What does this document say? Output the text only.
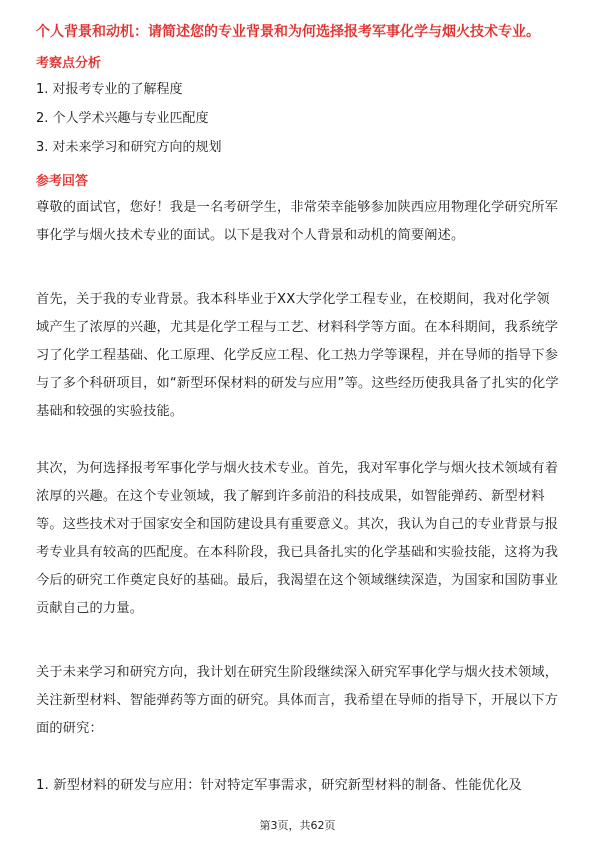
个人背景和动机：请简述您的专业背景和为何选择报考军事化学与烟火技术专业。
考察点分析
1. 对报考专业的了解程度
2. 个人学术兴趣与专业匹配度
3. 对未来学习和研究方向的规划
参考回答

尊敬的面试官，您好！我是一名考研学生，非常荣幸能够参加陕西应用物理化学研究所军事化学与烟火技术专业的面试。以下是我对个人背景和动机的简要阐述。

首先，关于我的专业背景。我本科毕业于XX大学化学工程专业，在校期间，我对化学领域产生了浓厚的兴趣，尤其是化学工程与工艺、材料科学等方面。在本科期间，我系统学习了化学工程基础、化工原理、化学反应工程、化工热力学等课程，并在导师的指导下参与了多个科研项目，如“新型环保材料的研发与应用”等。这些经历使我具备了扎实的化学基础和较强的实验技能。

其次，为何选择报考军事化学与烟火技术专业。首先，我对军事化学与烟火技术领域有着浓厚的兴趣。在这个专业领域，我了解到许多前沿的科技成果，如智能弹药、新型材料等。这些技术对于国家安全和国防建设具有重要意义。其次，我认为自己的专业背景与报考专业具有较高的匹配度。在本科阶段，我已具备扎实的化学基础和实验技能，这将为我今后的研究工作奠定良好的基础。最后，我渴望在这个领域继续深造，为国家和国防事业贡献自己的力量。

关于未来学习和研究方向，我计划在研究生阶段继续深入研究军事化学与烟火技术领域，关注新型材料、智能弹药等方面的研究。具体而言，我希望在导师的指导下，开展以下方面的研究：

1. 新型材料的研发与应用：针对特定军事需求，研究新型材料的制备、性能优化及

第3页，共62页
